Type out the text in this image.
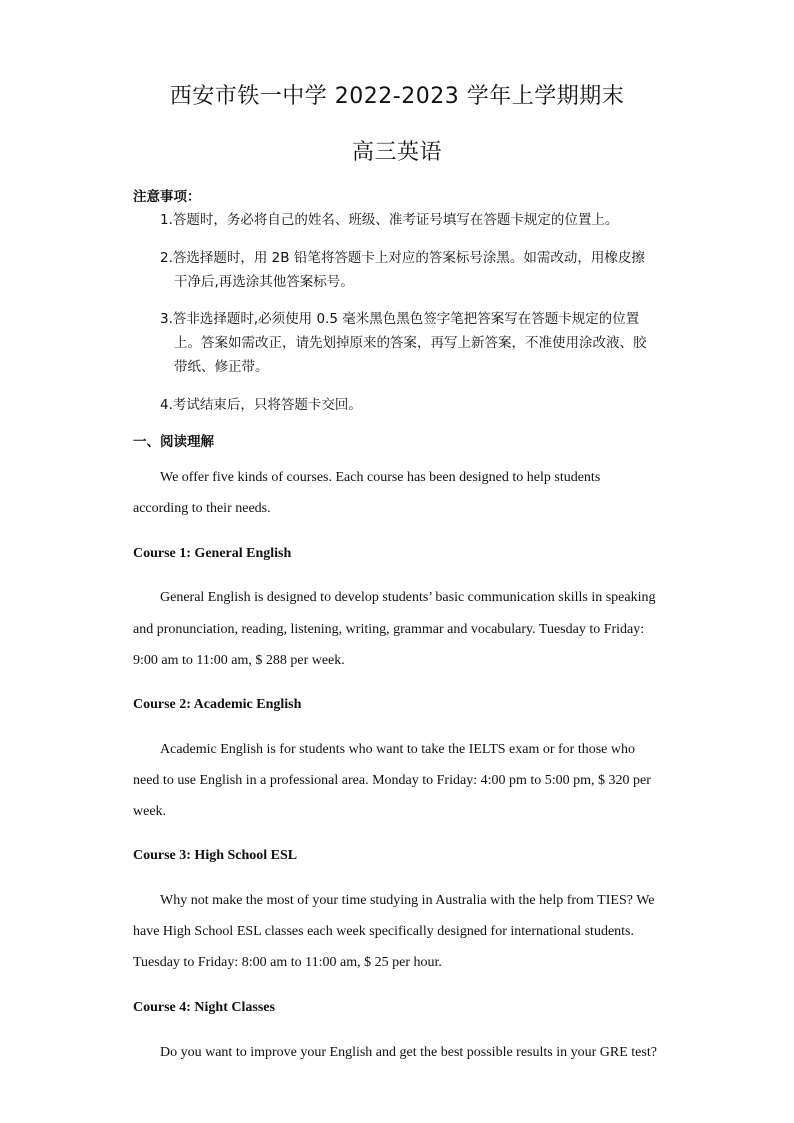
西安市铁一中学 2022-2023 学年上学期期末
高三英语
注意事项：
1.答题时，务必将自己的姓名、班级、准考证号填写在答题卡规定的位置上。
2.答选择题时，用 2B 铅笔将答题卡上对应的答案标号涂黑。如需改动，用橡皮擦
干净后,再选涂其他答案标号。
3.答非选择题时,必须使用 0.5 毫米黑色黑色签字笔把答案写在答题卡规定的位置
上。答案如需改正，请先划掉原来的答案，再写上新答案，不准使用涂改液、胶
带纸、修正带。
4.考试结束后，只将答题卡交回。
一、阅读理解
We offer five kinds of courses. Each course has been designed to help students
according to their needs.
Course 1: General English
General English is designed to develop students’ basic communication skills in speaking
and pronunciation, reading, listening, writing, grammar and vocabulary. Tuesday to Friday:
9:00 am to 11:00 am, $ 288 per week.
Course 2: Academic English
Academic English is for students who want to take the IELTS exam or for those who
need to use English in a professional area. Monday to Friday: 4:00 pm to 5:00 pm, $ 320 per
week.
Course 3: High School ESL
Why not make the most of your time studying in Australia with the help from TIES? We
have High School ESL classes each week specifically designed for international students.
Tuesday to Friday: 8:00 am to 11:00 am, $ 25 per hour.
Course 4: Night Classes
Do you want to improve your English and get the best possible results in your GRE test?
